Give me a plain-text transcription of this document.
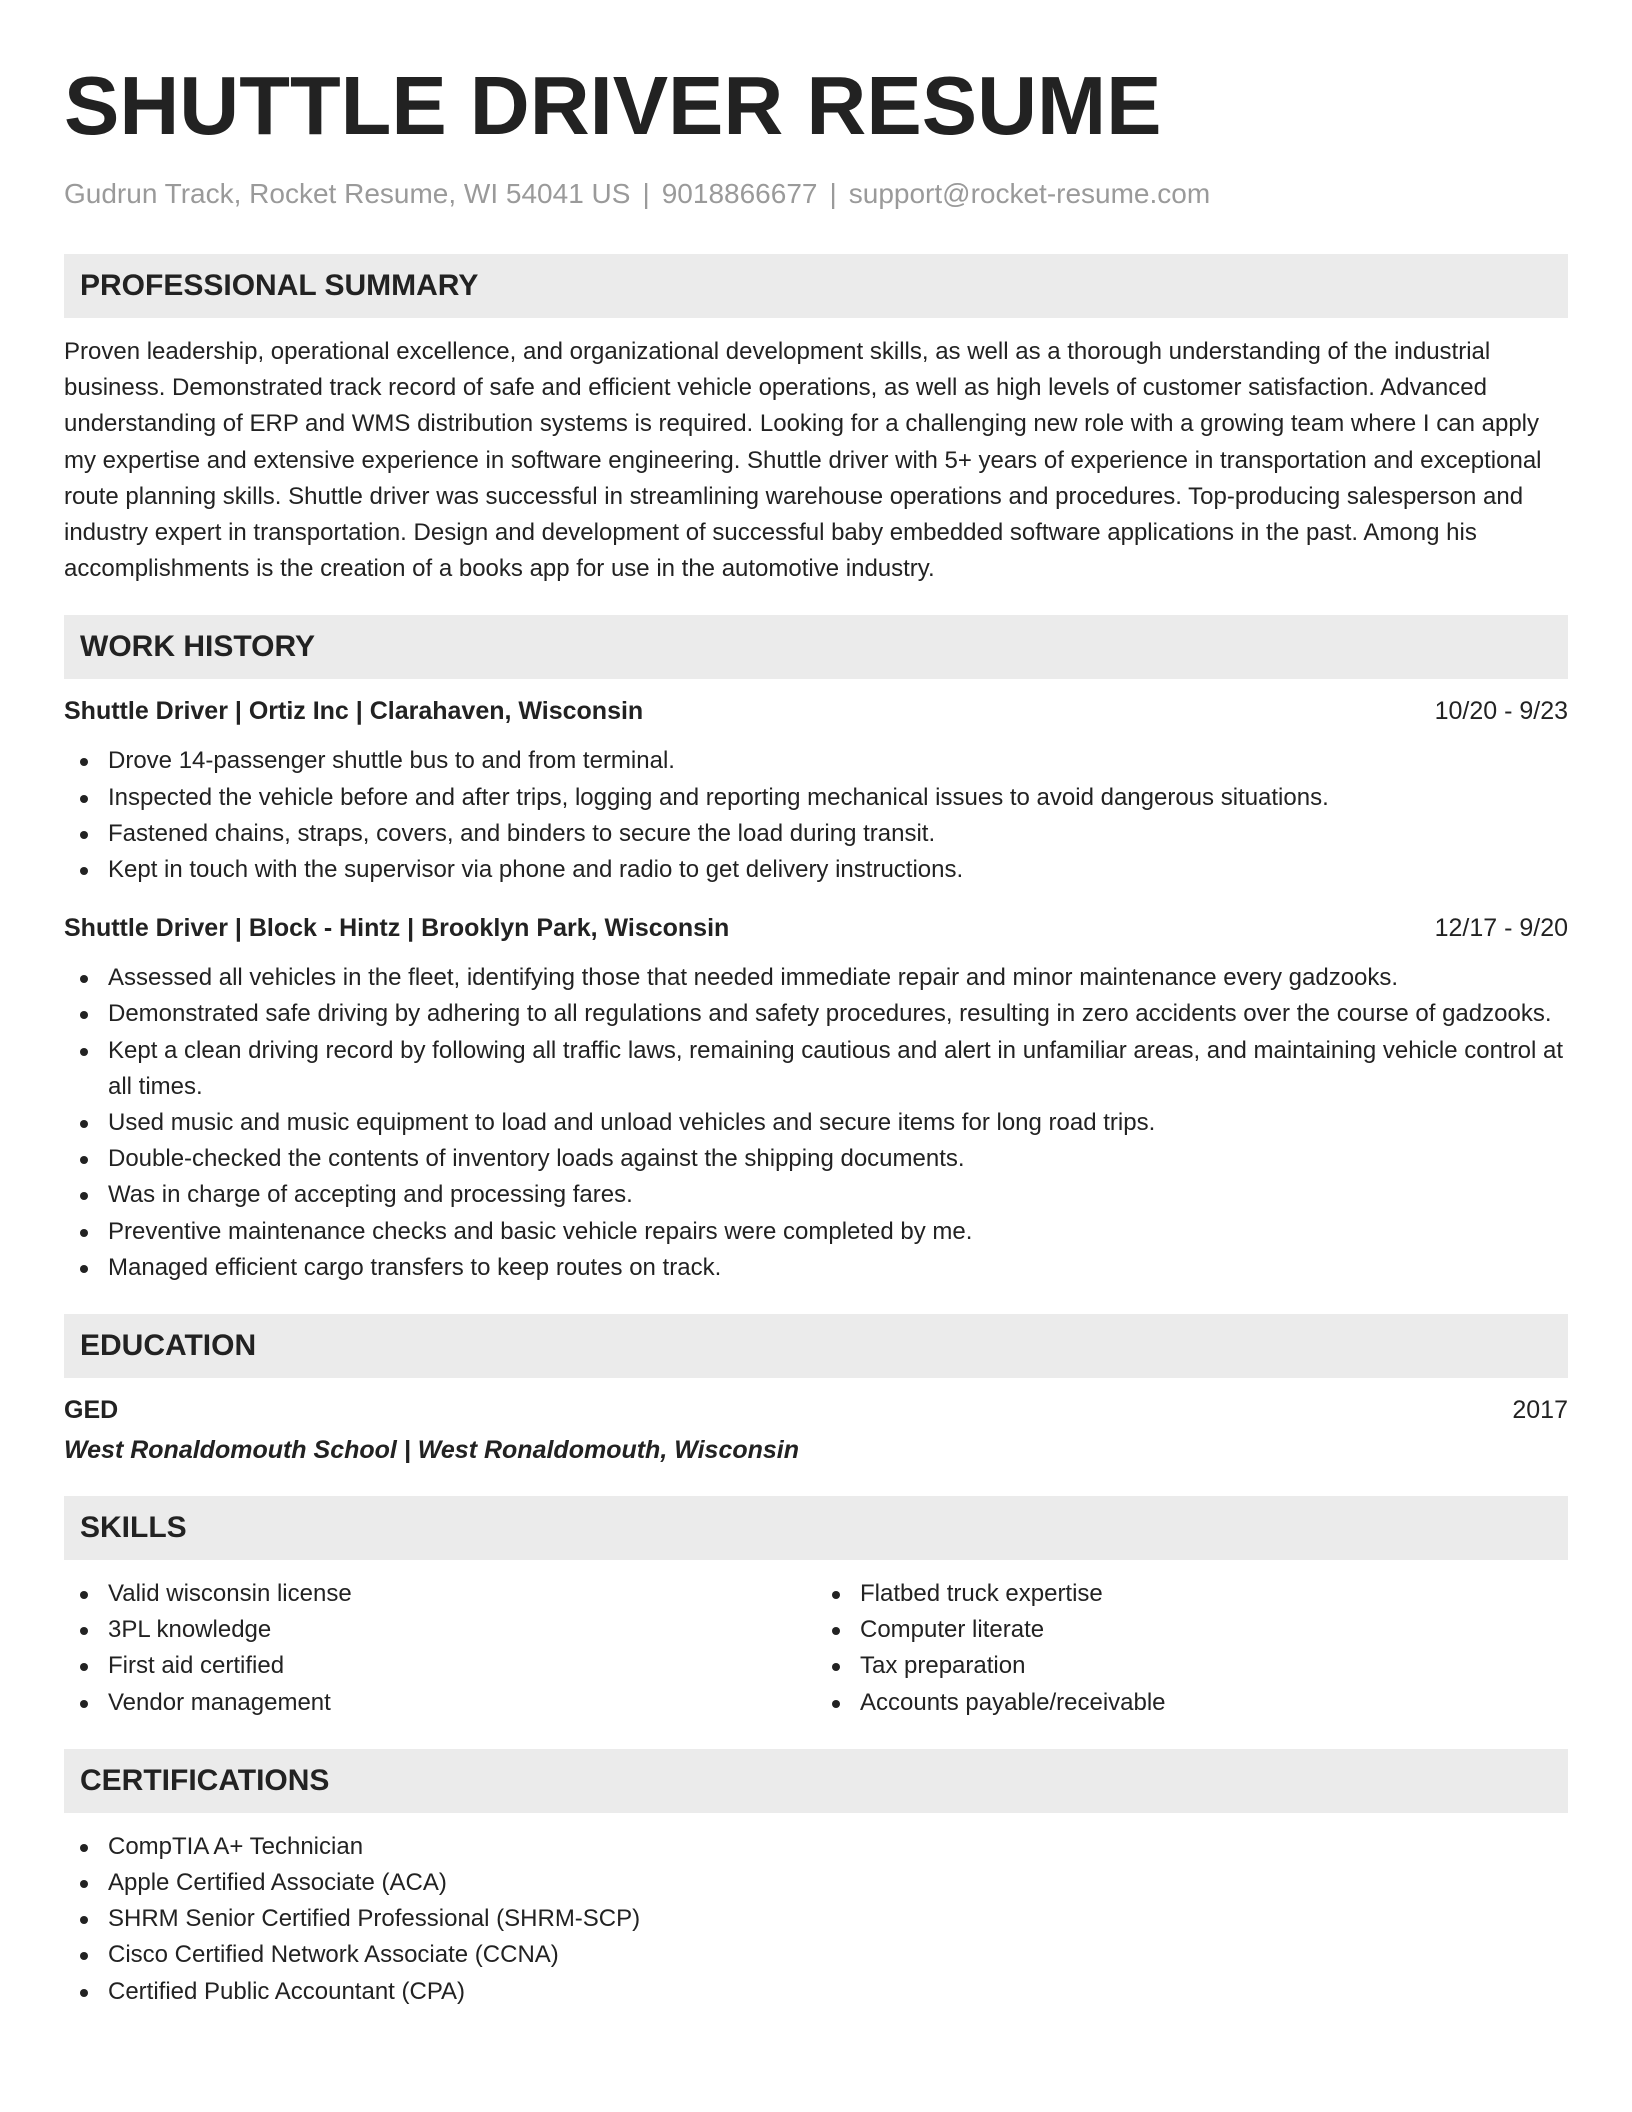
SHUTTLE DRIVER RESUME
Gudrun Track, Rocket Resume, WI 54041 US | 9018866677 | support@rocket-resume.com
PROFESSIONAL SUMMARY

Proven leadership, operational excellence, and organizational development skills, as well as a thorough understanding of the industrial business. Demonstrated track record of safe and efficient vehicle operations, as well as high levels of customer satisfaction. Advanced understanding of ERP and WMS distribution systems is required. Looking for a challenging new role with a growing team where I can apply my expertise and extensive experience in software engineering. Shuttle driver with 5+ years of experience in transportation and exceptional route planning skills. Shuttle driver was successful in streamlining warehouse operations and procedures. Top-producing salesperson and industry expert in transportation. Design and development of successful baby embedded software applications in the past. Among his accomplishments is the creation of a books app for use in the automotive industry.

WORK HISTORY
Shuttle Driver | Ortiz Inc | Clarahaven, Wisconsin	10/20 - 9/23
Drove 14-passenger shuttle bus to and from terminal.
Inspected the vehicle before and after trips, logging and reporting mechanical issues to avoid dangerous situations.
Fastened chains, straps, covers, and binders to secure the load during transit.
Kept in touch with the supervisor via phone and radio to get delivery instructions.
Shuttle Driver | Block - Hintz | Brooklyn Park, Wisconsin	12/17 - 9/20
Assessed all vehicles in the fleet, identifying those that needed immediate repair and minor maintenance every gadzooks.
Demonstrated safe driving by adhering to all regulations and safety procedures, resulting in zero accidents over the course of gadzooks.
Kept a clean driving record by following all traffic laws, remaining cautious and alert in unfamiliar areas, and maintaining vehicle control at all times.
Used music and music equipment to load and unload vehicles and secure items for long road trips.
Double-checked the contents of inventory loads against the shipping documents.
Was in charge of accepting and processing fares.
Preventive maintenance checks and basic vehicle repairs were completed by me.
Managed efficient cargo transfers to keep routes on track.
EDUCATION
GED	2017
West Ronaldomouth School | West Ronaldomouth, Wisconsin
SKILLS
Valid wisconsin license
3PL knowledge
First aid certified
Vendor management
Flatbed truck expertise
Computer literate
Tax preparation
Accounts payable/receivable
CERTIFICATIONS
CompTIA A+ Technician
Apple Certified Associate (ACA)
SHRM Senior Certified Professional (SHRM-SCP)
Cisco Certified Network Associate (CCNA)
Certified Public Accountant (CPA)
